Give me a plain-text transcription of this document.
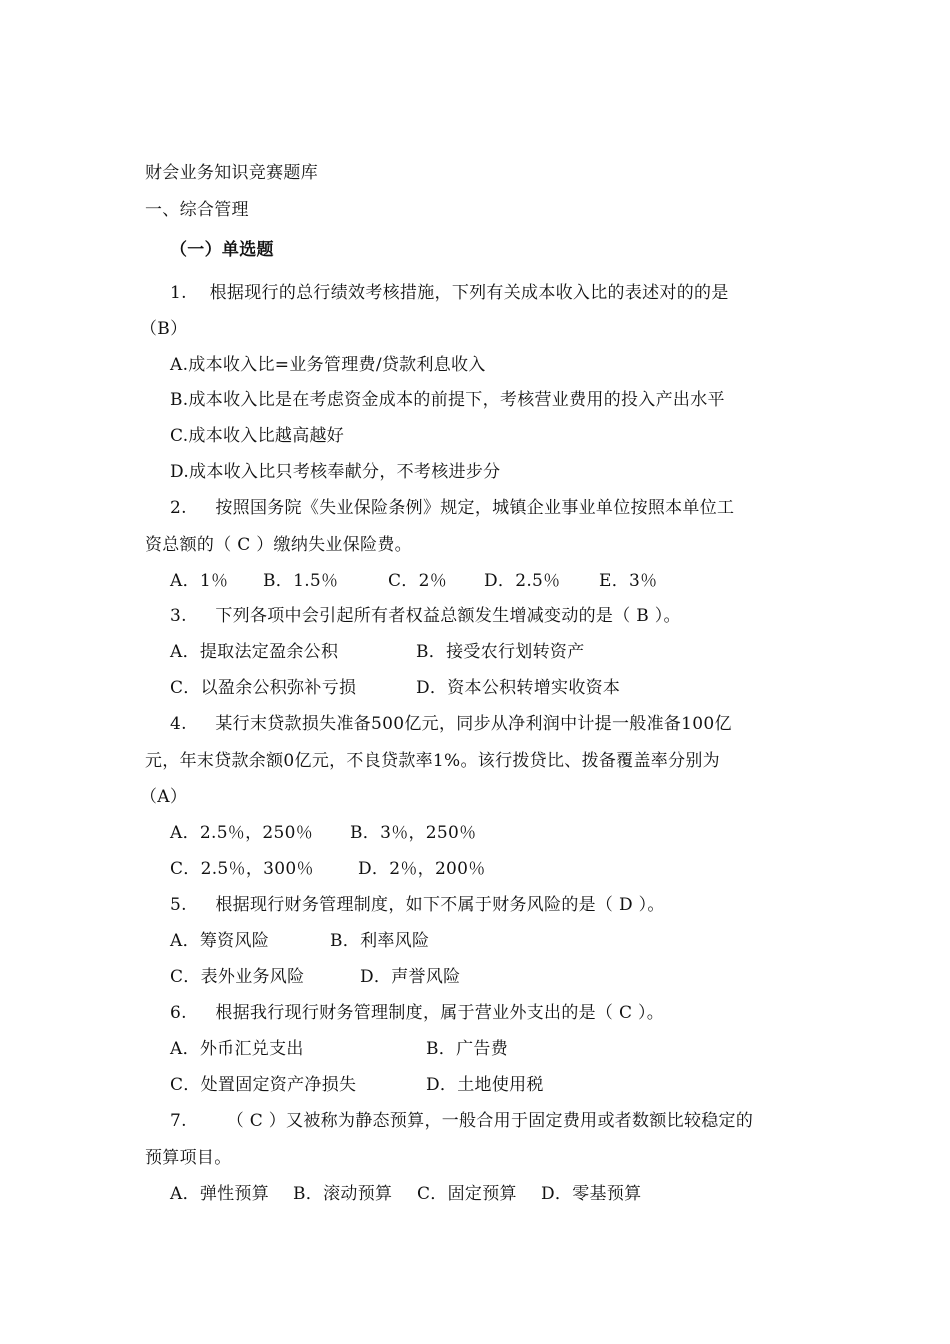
财会业务知识竞赛题库
一、综合管理
（一）单选题
1.    根据现行的总行绩效考核措施，下列有关成本收入比的表述对的的是
（B）
A.成本收入比=业务管理费/贷款利息收入
B.成本收入比是在考虑资金成本的前提下，考核营业费用的投入产出水平
C.成本收入比越高越好
D.成本收入比只考核奉献分，不考核进步分
2.     按照国务院《失业保险条例》规定，城镇企业事业单位按照本单位工
资总额的（ C ）缴纳失业保险费。
A．1％ B．1.5％	C．2％ D．2.5％ E．3％
3.     下列各项中会引起所有者权益总额发生增减变动的是（ B ）。
A．提取法定盈余公积	B．接受农行划转资产
C．以盈余公积弥补亏损	D．资本公积转增实收资本
4.     某行末贷款损失准备500亿元，同步从净利润中计提一般准备100亿
元，年末贷款余额0亿元，不良贷款率1%。该行拨贷比、拨备覆盖率分别为
（A）
A．2.5％，250％ B．3％，250％
C．2.5％，300％	D．2％，200％
5.     根据现行财务管理制度，如下不属于财务风险的是（ D ）。
A．筹资风险	B．利率风险
C．表外业务风险	D．声誉风险
6.     根据我行现行财务管理制度，属于营业外支出的是（ C ）。
A．外币汇兑支出	B．广告费
C．处置固定资产净损失	D．土地使用税
7.       （ C ）又被称为静态预算，一般合用于固定费用或者数额比较稳定的
预算项目。
A．弹性预算 B．滚动预算 C．固定预算 D．零基预算
